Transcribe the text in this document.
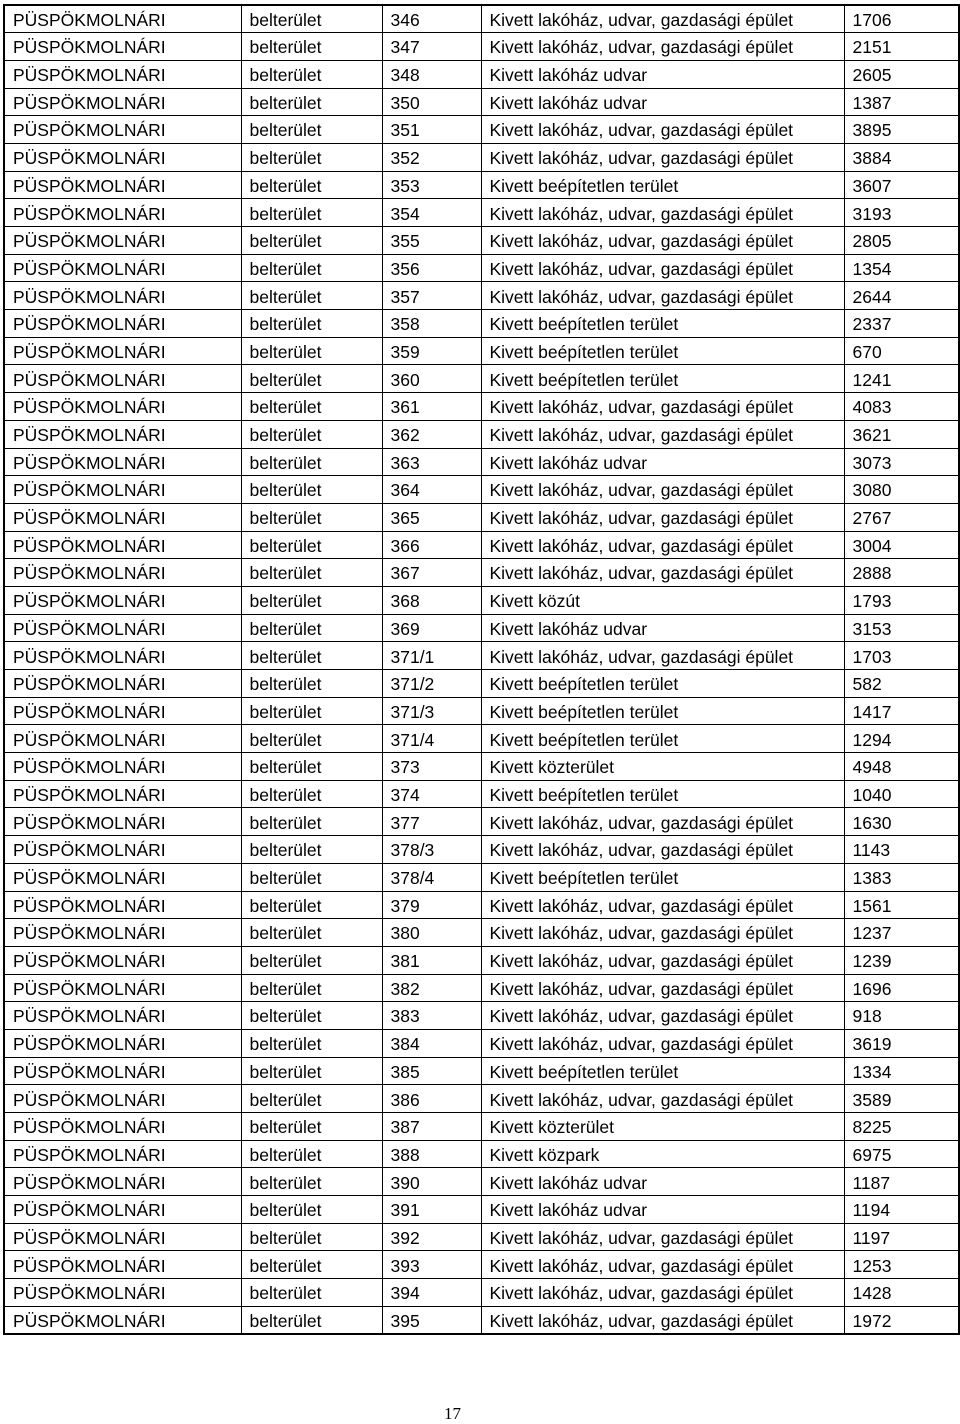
PÜSPÖKMOLNÁRI	belterület	346	Kivett lakóház, udvar, gazdasági épület	1706
PÜSPÖKMOLNÁRI	belterület	347	Kivett lakóház, udvar, gazdasági épület	2151
PÜSPÖKMOLNÁRI	belterület	348	Kivett lakóház udvar	2605
PÜSPÖKMOLNÁRI	belterület	350	Kivett lakóház udvar	1387
PÜSPÖKMOLNÁRI	belterület	351	Kivett lakóház, udvar, gazdasági épület	3895
PÜSPÖKMOLNÁRI	belterület	352	Kivett lakóház, udvar, gazdasági épület	3884
PÜSPÖKMOLNÁRI	belterület	353	Kivett beépítetlen terület	3607
PÜSPÖKMOLNÁRI	belterület	354	Kivett lakóház, udvar, gazdasági épület	3193
PÜSPÖKMOLNÁRI	belterület	355	Kivett lakóház, udvar, gazdasági épület	2805
PÜSPÖKMOLNÁRI	belterület	356	Kivett lakóház, udvar, gazdasági épület	1354
PÜSPÖKMOLNÁRI	belterület	357	Kivett lakóház, udvar, gazdasági épület	2644
PÜSPÖKMOLNÁRI	belterület	358	Kivett beépítetlen terület	2337
PÜSPÖKMOLNÁRI	belterület	359	Kivett beépítetlen terület	670
PÜSPÖKMOLNÁRI	belterület	360	Kivett beépítetlen terület	1241
PÜSPÖKMOLNÁRI	belterület	361	Kivett lakóház, udvar, gazdasági épület	4083
PÜSPÖKMOLNÁRI	belterület	362	Kivett lakóház, udvar, gazdasági épület	3621
PÜSPÖKMOLNÁRI	belterület	363	Kivett lakóház udvar	3073
PÜSPÖKMOLNÁRI	belterület	364	Kivett lakóház, udvar, gazdasági épület	3080
PÜSPÖKMOLNÁRI	belterület	365	Kivett lakóház, udvar, gazdasági épület	2767
PÜSPÖKMOLNÁRI	belterület	366	Kivett lakóház, udvar, gazdasági épület	3004
PÜSPÖKMOLNÁRI	belterület	367	Kivett lakóház, udvar, gazdasági épület	2888
PÜSPÖKMOLNÁRI	belterület	368	Kivett közút	1793
PÜSPÖKMOLNÁRI	belterület	369	Kivett lakóház udvar	3153
PÜSPÖKMOLNÁRI	belterület	371/1	Kivett lakóház, udvar, gazdasági épület	1703
PÜSPÖKMOLNÁRI	belterület	371/2	Kivett beépítetlen terület	582
PÜSPÖKMOLNÁRI	belterület	371/3	Kivett beépítetlen terület	1417
PÜSPÖKMOLNÁRI	belterület	371/4	Kivett beépítetlen terület	1294
PÜSPÖKMOLNÁRI	belterület	373	Kivett közterület	4948
PÜSPÖKMOLNÁRI	belterület	374	Kivett beépítetlen terület	1040
PÜSPÖKMOLNÁRI	belterület	377	Kivett lakóház, udvar, gazdasági épület	1630
PÜSPÖKMOLNÁRI	belterület	378/3	Kivett lakóház, udvar, gazdasági épület	1143
PÜSPÖKMOLNÁRI	belterület	378/4	Kivett beépítetlen terület	1383
PÜSPÖKMOLNÁRI	belterület	379	Kivett lakóház, udvar, gazdasági épület	1561
PÜSPÖKMOLNÁRI	belterület	380	Kivett lakóház, udvar, gazdasági épület	1237
PÜSPÖKMOLNÁRI	belterület	381	Kivett lakóház, udvar, gazdasági épület	1239
PÜSPÖKMOLNÁRI	belterület	382	Kivett lakóház, udvar, gazdasági épület	1696
PÜSPÖKMOLNÁRI	belterület	383	Kivett lakóház, udvar, gazdasági épület	918
PÜSPÖKMOLNÁRI	belterület	384	Kivett lakóház, udvar, gazdasági épület	3619
PÜSPÖKMOLNÁRI	belterület	385	Kivett beépítetlen terület	1334
PÜSPÖKMOLNÁRI	belterület	386	Kivett lakóház, udvar, gazdasági épület	3589
PÜSPÖKMOLNÁRI	belterület	387	Kivett közterület	8225
PÜSPÖKMOLNÁRI	belterület	388	Kivett közpark	6975
PÜSPÖKMOLNÁRI	belterület	390	Kivett lakóház udvar	1187
PÜSPÖKMOLNÁRI	belterület	391	Kivett lakóház udvar	1194
PÜSPÖKMOLNÁRI	belterület	392	Kivett lakóház, udvar, gazdasági épület	1197
PÜSPÖKMOLNÁRI	belterület	393	Kivett lakóház, udvar, gazdasági épület	1253
PÜSPÖKMOLNÁRI	belterület	394	Kivett lakóház, udvar, gazdasági épület	1428
PÜSPÖKMOLNÁRI	belterület	395	Kivett lakóház, udvar, gazdasági épület	1972
17
